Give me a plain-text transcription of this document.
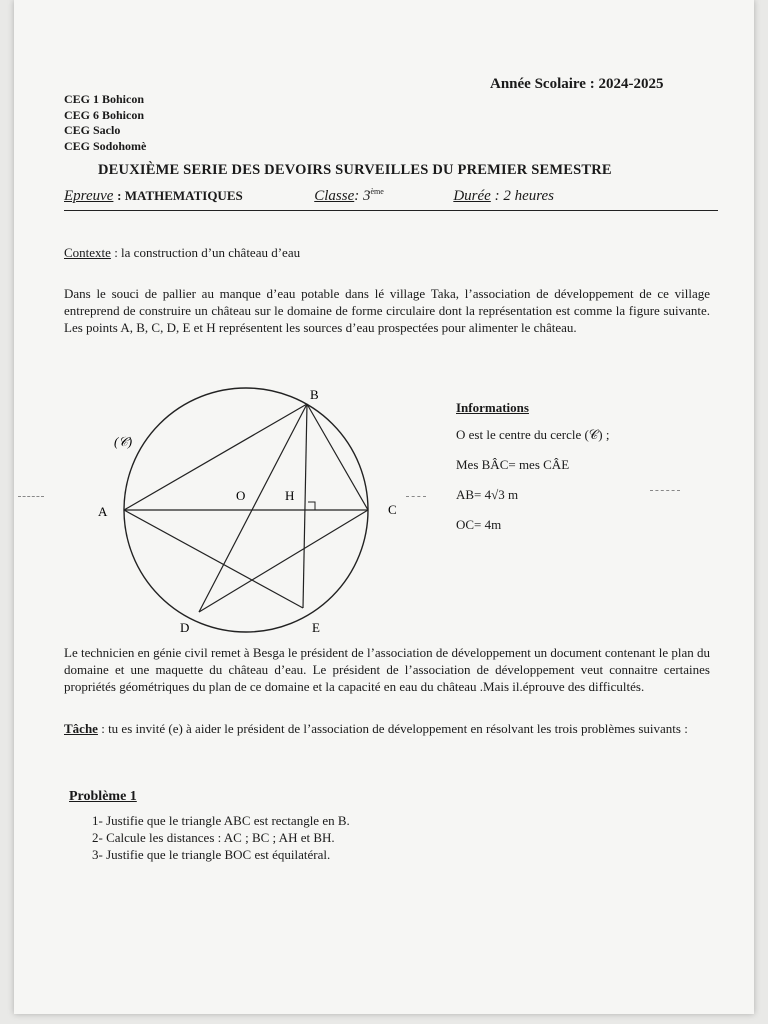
CEG 1 Bohicon
CEG 6 Bohicon
CEG Saclo
CEG Sodohomè
Année Scolaire : 2024-2025
DEUXIÈME SERIE DES DEVOIRS SURVEILLES DU PREMIER SEMESTRE
Epreuve : MATHEMATIQUES	Classe: 3ème	Durée : 2 heures
Contexte : la construction d’un château d’eau
Dans le souci de pallier au manque d’eau potable dans lé village Taka, l’association de développement de ce village entreprend de construire un château sur le domaine de forme circulaire dont la représentation est comme la figure suivante. Les points A, B, C, D, E et H représentent les sources d’eau prospectées pour alimenter le château.
(𝒞)
A
B
C
D	E
O	H
Informations
O est le centre du cercle (𝒞) ;
Mes BÂC= mes CÂE
AB= 4√3 m
OC= 4m
Le technicien en génie civil remet à Besga le président de l’association de développement un document contenant le plan du domaine et une maquette du château d’eau. Le président de l’association de développement veut connaitre certaines propriétés géométriques du plan de ce domaine et la capacité en eau du château .Mais il.éprouve des difficultés.
Tâche : tu es invité (e) à aider le président de l’association de développement en résolvant les trois problèmes suivants :
Problème 1
1- Justifie que le triangle ABC est rectangle en B.
2- Calcule les distances : AC ; BC ; AH et BH.
3- Justifie que le triangle BOC est équilatéral.
